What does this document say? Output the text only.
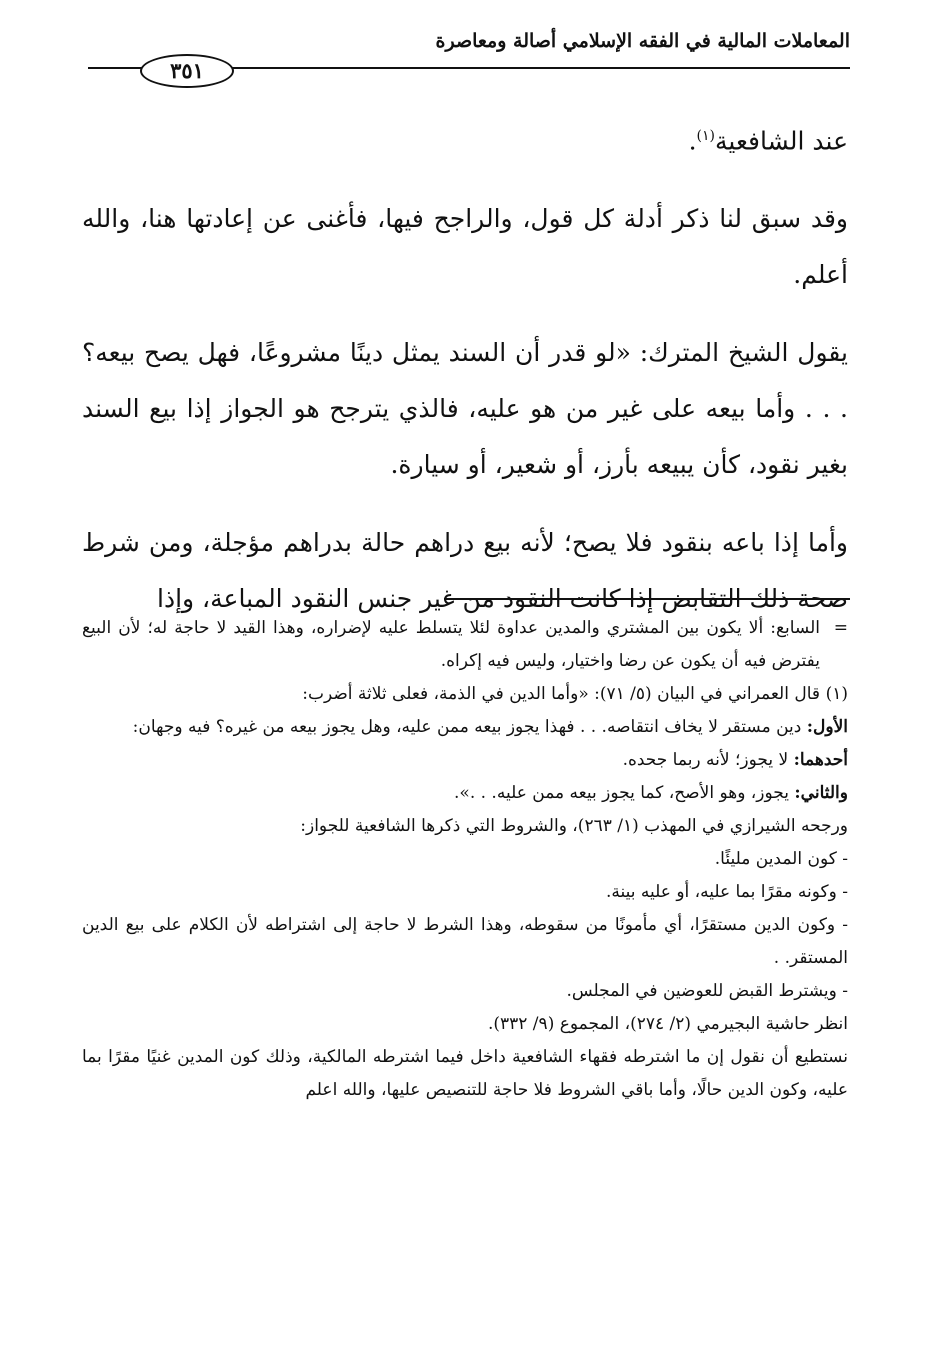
المعاملات المالية في الفقه الإسلامي أصالة ومعاصرة
٣٥١

عند الشافعية$^{(١)}$.

وقد سبق لنا ذكر أدلة كل قول، والراجح فيها، فأغنى عن إعادتها هنا، والله أعلم.

يقول الشيخ المترك: «لو قدر أن السند يمثل دينًا مشروعًا، فهل يصح بيعه؟ . . . وأما بيعه على غير من هو عليه، فالذي يترجح هو الجواز إذا بيع السند بغير نقود، كأن يبيعه بأرز، أو شعير، أو سيارة.

وأما إذا باعه بنقود فلا يصح؛ لأنه بيع دراهم حالة بدراهم مؤجلة، ومن شرط صحة ذلك التقابض إذا كانت النقود من غير جنس النقود المباعة، وإذا

=
السابع: ألا يكون بين المشتري والمدين عداوة لئلا يتسلط عليه لإضراره، وهذا القيد لا حاجة له؛ لأن البيع يفترض فيه أن يكون عن رضا واختيار، وليس فيه إكراه.

(١)
قال العمراني في البيان (٥/ ٧١): «وأما الدين في الذمة، فعلى ثلاثة أضرب:

الأول: دين مستقر لا يخاف انتقاصه. . . فهذا يجوز بيعه ممن عليه، وهل يجوز بيعه من غيره؟ فيه وجهان:

أحدهما: لا يجوز؛ لأنه ربما جحده.

والثاني: يجوز، وهو الأصح، كما يجوز بيعه ممن عليه. . .».

ورجحه الشيرازي في المهذب (١/ ٢٦٣)، والشروط التي ذكرها الشافعية للجواز:

- كون المدين مليئًا.

- وكونه مقرًا بما عليه، أو عليه بينة.

- وكون الدين مستقرًا، أي مأمونًا من سقوطه، وهذا الشرط لا حاجة إلى اشتراطه لأن الكلام على بيع الدين المستقر. .

- ويشترط القبض للعوضين في المجلس.

انظر حاشية البجيرمي (٢/ ٢٧٤)، المجموع (٩/ ٣٣٢).

نستطيع أن نقول إن ما اشترطه فقهاء الشافعية داخل فيما اشترطه المالكية، وذلك كون المدين غنيًا مقرًا بما عليه، وكون الدين حالًا، وأما باقي الشروط فلا حاجة للتنصيص عليها، والله اعلم
